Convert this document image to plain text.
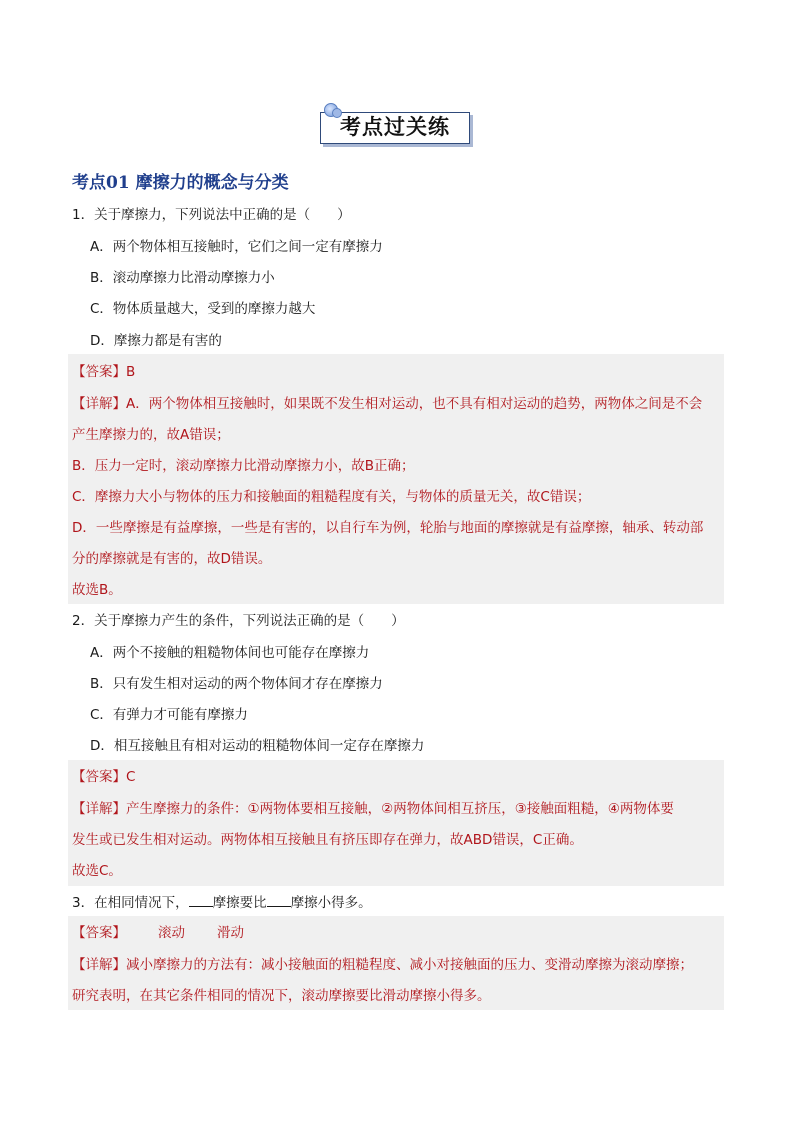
考点过关练
考点01 摩擦力的概念与分类
1．关于摩擦力，下列说法中正确的是（　　）
A．两个物体相互接触时，它们之间一定有摩擦力
B．滚动摩擦力比滑动摩擦力小
C．物体质量越大，受到的摩擦力越大
D．摩擦力都是有害的
【答案】B
【详解】A．两个物体相互接触时，如果既不发生相对运动，也不具有相对运动的趋势，两物体之间是不会
产生摩擦力的，故A错误；
B．压力一定时，滚动摩擦力比滑动摩擦力小，故B正确；
C．摩擦力大小与物体的压力和接触面的粗糙程度有关，与物体的质量无关，故C错误；
D．一些摩擦是有益摩擦，一些是有害的，以自行车为例，轮胎与地面的摩擦就是有益摩擦，轴承、转动部
分的摩擦就是有害的，故D错误。
故选B。
2．关于摩擦力产生的条件，下列说法正确的是（　　）
A．两个不接触的粗糙物体间也可能存在摩擦力
B．只有发生相对运动的两个物体间才存在摩擦力
C．有弹力才可能有摩擦力
D．相互接触且有相对运动的粗糙物体间一定存在摩擦力
【答案】C
【详解】产生摩擦力的条件：①两物体要相互接触，②两物体间相互挤压，③接触面粗糙，④两物体要
发生或已发生相对运动。两物体相互接触且有挤压即存在弹力，故ABD错误，C正确。
故选C。
3．在相同情况下， 摩擦要比 摩擦小得多。
【答案】 滚动 滑动
【详解】减小摩擦力的方法有：减小接触面的粗糙程度、减小对接触面的压力、变滑动摩擦为滚动摩擦；
研究表明，在其它条件相同的情况下，滚动摩擦要比滑动摩擦小得多。
